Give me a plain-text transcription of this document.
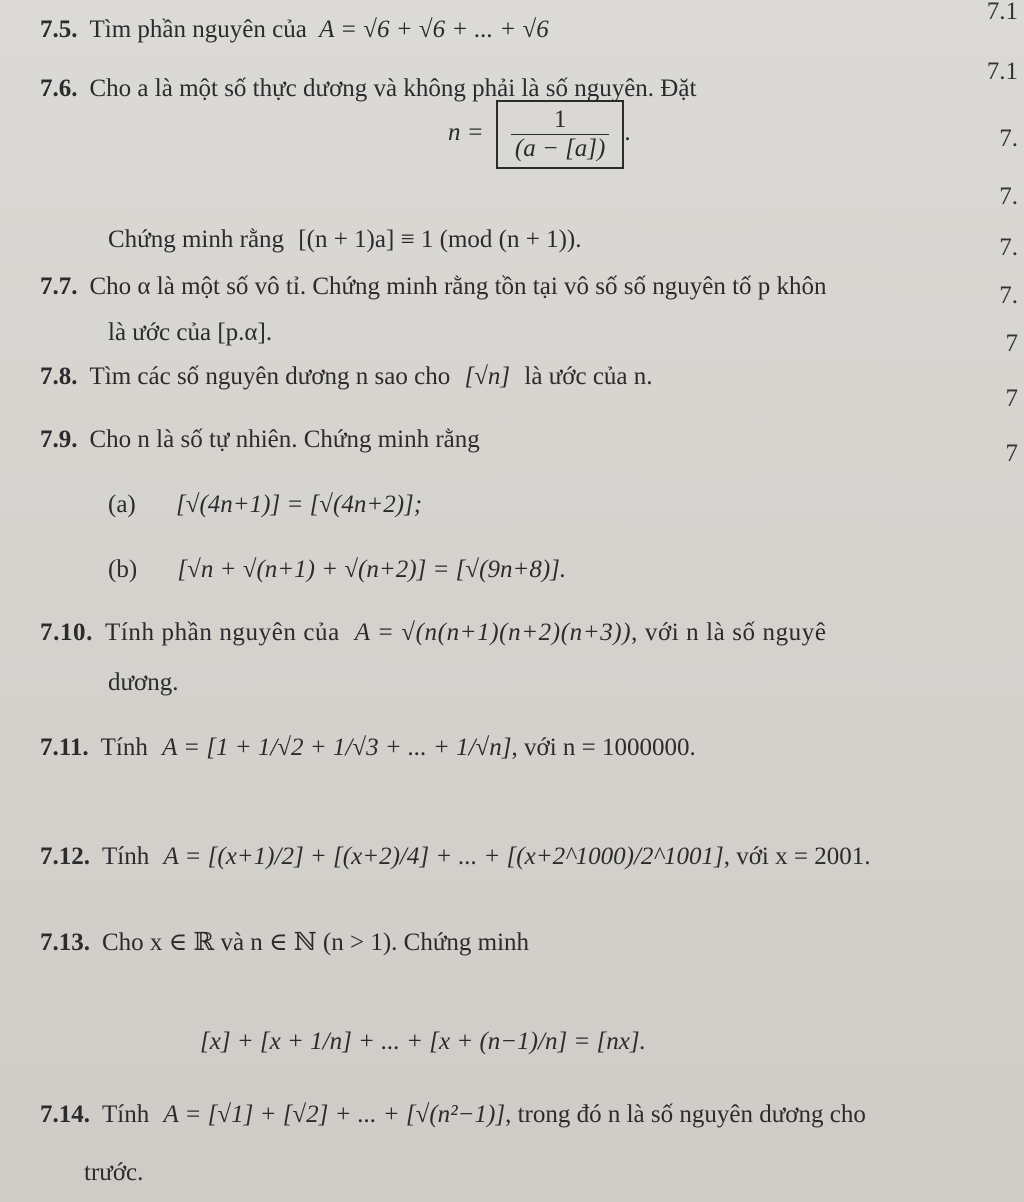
7.1
7.1
7.
7.
7.
7.
7
7
7
7.5. Tìm phần nguyên của A = √6 + √6 + ... + √6
7.6. Cho a là một số thực dương và không phải là số nguyên. Đặt
$n = \frac{1}{(a - [a])}$ .
Chứng minh rằng [(n + 1)a] ≡ 1 (mod (n + 1)).
7.7. Cho α là một số vô tỉ. Chứng minh rằng tồn tại vô số số nguyên tố p khôn
là ước của [p.α].
7.8. Tìm các số nguyên dương n sao cho [√n] là ước của n.
7.9. Cho n là số tự nhiên. Chứng minh rằng
(a) [√(4n+1)] = [√(4n+2)];
(b) [√n + √(n+1) + √(n+2)] = [√(9n+8)].
7.10. Tính phần nguyên của A = √(n(n+1)(n+2)(n+3)), với n là số nguyê
dương.
7.11. Tính A = [1 + 1/√2 + 1/√3 + ... + 1/√n], với n = 1000000.
7.12. Tính A = [(x+1)/2] + [(x+2)/4] + ... + [(x+2^1000)/2^1001], với x = 2001.
7.13. Cho x ∈ ℝ và n ∈ ℕ (n > 1). Chứng minh
[x] + [x + 1/n] + ... + [x + (n−1)/n] = [nx].
7.14. Tính A = [√1] + [√2] + ... + [√(n²−1)], trong đó n là số nguyên dương cho
trước.
